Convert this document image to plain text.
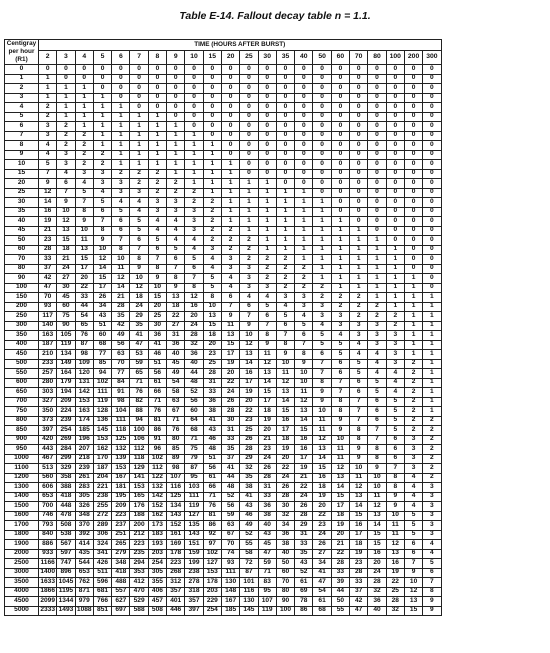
Table E-14. Fallout decay table n = 1.1.
Centigray
per hour
(R1)	TIME (HOURS AFTER BURST)																					
	2	3	4	5	6	7	8	9	10	15	20	25	30	35	40	50	60	70	80	100	200	300
0	0	0	0	0	0	0	0	0	0	0	0	0	0	0	0	0	0	0	0	0	0	0
1	1	0	0	0	0	0	0	0	0	0	0	0	0	0	0	0	0	0	0	0	0	0
2	1	1	1	0	0	0	0	0	0	0	0	0	0	0	0	0	0	0	0	0	0	0
3	1	1	1	1	0	0	0	0	0	0	0	0	0	0	0	0	0	0	0	0	0	0
4	2	1	1	1	1	0	0	0	0	0	0	0	0	0	0	0	0	0	0	0	0	0
5	2	1	1	1	1	1	1	0	0	0	0	0	0	0	0	0	0	0	0	0	0	0
6	3	2	1	1	1	1	1	1	0	0	0	0	0	0	0	0	0	0	0	0	0	0
7	3	2	2	1	1	1	1	1	1	0	0	0	0	0	0	0	0	0	0	0	0	0
8	4	2	2	1	1	1	1	1	1	1	0	0	0	0	0	0	0	0	0	0	0	0
9	4	3	2	2	1	1	1	1	1	1	0	0	0	0	0	0	0	0	0	0	0	0
10	5	3	2	2	1	1	1	1	1	1	1	0	0	0	0	0	0	0	0	0	0	0
15	7	4	3	3	2	2	2	1	1	1	1	0	0	0	0	0	0	0	0	0	0	0
20	9	6	4	3	3	2	2	2	1	1	1	1	1	0	0	0	0	0	0	0	0	0
25	12	7	5	4	3	3	2	2	2	1	1	1	1	1	1	0	0	0	0	0	0	0
30	14	9	7	5	4	4	3	3	2	2	1	1	1	1	1	1	0	0	0	0	0	0
35	16	10	8	6	5	4	3	3	3	2	1	1	1	1	1	1	0	0	0	0	0	0
40	19	12	9	7	6	5	4	4	3	2	1	1	1	1	1	1	1	0	0	0	0	0
45	21	13	10	8	6	5	4	4	3	2	2	1	1	1	1	1	1	1	0	0	0	0
50	23	15	11	9	7	6	5	4	4	2	2	2	1	1	1	1	1	1	1	0	0	0
60	28	18	13	10	8	7	6	5	4	3	2	2	1	1	1	1	1	1	1	1	0	0
70	33	21	15	12	10	8	7	6	5	4	3	2	2	2	1	1	1	1	1	1	0	0
80	37	24	17	14	11	9	8	7	6	4	3	3	2	2	2	1	1	1	1	1	0	0
90	42	27	20	15	12	10	9	8	7	5	4	3	2	2	2	1	1	1	1	1	1	0
100	47	30	22	17	14	12	10	9	8	5	4	3	3	2	2	2	1	1	1	1	1	0
150	70	45	33	26	21	18	15	13	12	8	6	4	4	3	3	2	2	2	1	1	1	1
200	93	60	44	34	28	24	20	18	16	10	7	6	5	4	3	3	2	2	2	1	1	1
250	117	75	54	43	35	29	25	22	20	13	9	7	6	5	4	3	3	2	2	2	1	1
300	140	90	65	51	42	35	30	27	24	15	11	9	7	6	5	4	3	3	3	2	1	1
350	163	105	76	60	49	41	36	31	28	18	13	10	8	7	6	5	4	3	3	3	1	1
400	187	119	87	68	56	47	41	36	32	20	15	12	9	8	7	5	5	4	3	3	1	1
450	210	134	98	77	63	53	46	40	36	23	17	13	11	9	8	6	5	4	4	3	1	1
500	233	149	109	85	70	59	51	45	40	25	19	14	12	10	9	7	6	5	4	3	2	1
550	257	164	120	94	77	65	56	49	44	28	20	16	13	11	10	7	6	5	4	4	2	1
600	280	179	131	102	84	71	61	54	48	31	22	17	14	12	10	8	7	6	5	4	2	1
650	303	194	142	111	91	76	66	58	52	33	24	19	15	13	11	9	7	6	5	4	2	1
700	327	209	153	119	98	82	71	63	56	36	26	20	17	14	12	9	8	7	6	5	2	1
750	350	224	163	128	104	88	76	67	60	38	28	22	18	15	13	10	8	7	6	5	2	1
800	373	239	174	136	111	94	81	71	64	41	30	23	19	16	14	11	9	7	6	5	2	2
850	397	254	185	145	118	100	86	76	68	43	31	25	20	17	15	11	9	8	7	5	2	2
900	420	269	196	153	125	106	91	80	71	46	33	26	21	18	16	12	10	8	7	6	3	2
950	443	284	207	162	132	112	96	85	75	48	35	28	23	19	16	13	11	9	8	6	3	2
1000	467	299	218	170	139	118	102	89	79	51	37	29	24	20	17	14	11	9	8	6	3	2
1100	513	329	239	187	153	129	112	98	87	56	41	32	26	22	19	15	12	10	9	7	3	2
1200	560	358	261	204	167	141	122	107	95	61	44	35	28	24	21	16	13	11	10	8	4	2
1300	606	388	283	221	181	153	132	116	103	66	48	38	31	26	22	18	14	12	10	8	4	3
1400	653	418	305	238	195	165	142	125	111	71	52	41	33	28	24	19	15	13	11	9	4	3
1500	700	448	326	255	209	176	152	134	119	76	56	43	36	30	26	20	17	14	12	9	4	3
1600	746	478	348	272	223	188	162	143	127	81	59	46	38	32	28	22	18	15	13	10	5	3
1700	793	508	370	289	237	200	173	152	135	86	63	49	40	34	29	23	19	16	14	11	5	3
1800	840	538	392	306	251	212	183	161	143	92	67	52	43	36	31	24	20	17	15	11	5	3
1900	886	567	414	324	265	223	193	169	151	97	70	55	45	38	33	26	21	18	15	12	6	4
2000	933	597	435	341	279	235	203	178	159	102	74	58	47	40	35	27	22	19	16	13	6	4
2500	1166	747	544	426	348	294	254	223	199	127	93	72	59	50	43	34	28	23	20	16	7	5
3000	1400	896	653	511	418	353	305	268	238	153	111	87	71	60	52	41	33	28	24	19	9	6
3500	1633	1045	762	596	488	412	355	312	278	178	130	101	83	70	61	47	39	33	28	22	10	7
4000	1866	1195	871	681	557	470	406	357	318	203	148	116	95	80	69	54	44	37	32	25	12	8
4500	2099	1344	979	766	627	529	457	401	357	229	167	130	107	90	78	61	50	42	36	28	13	9
5000	2333	1493	1088	851	697	588	508	446	397	254	185	145	119	100	86	68	55	47	40	32	15	9
